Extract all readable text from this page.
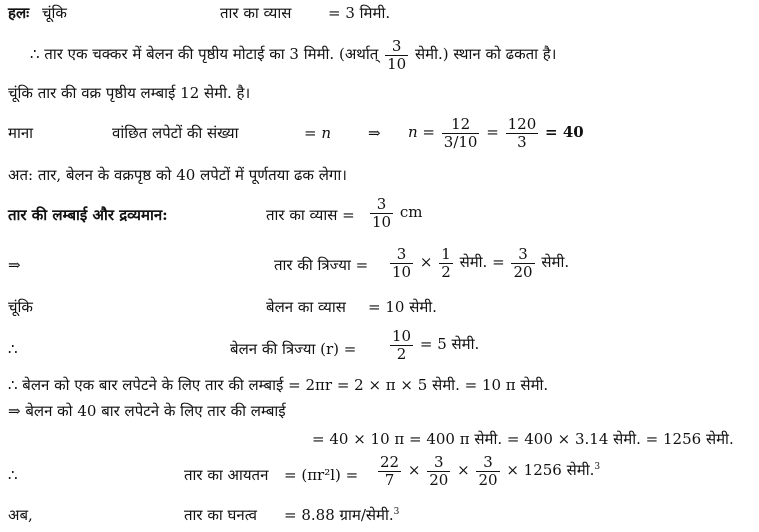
हलः चूंकि	तार का व्यास = 3 मिमी.
∴ तार एक चक्कर में बेलन की पृष्ठीय मोटाई का 3 मिमी. (अर्थात् $\frac{3}{10}$ सेमी.) स्थान को ढकता है।
चूंकि तार की वक्र पृष्ठीय लम्बाई 12 सेमी. है।
माना	वांछित लपेटों की संख्या	= n ⇒ $n = \frac{12}{3/10} = \frac{120}{3} = 40$
अत: तार, बेलन के वक्रपृष्ठ को 40 लपेटों में पूर्णतया ढक लेगा।
तार की लम्बाई और द्रव्यमान:	तार का व्यास = $\frac{3}{10}$ cm
⇒	तार की त्रिज्या = $\frac{3}{10} \times \frac{1}{2}$ सेमी. = $\frac{3}{20}$ सेमी.
चूंकि	बेलन का व्यास = 10 सेमी.
∴	बेलन की त्रिज्या $(r) = \frac{10}{2} = 5$ सेमी.
∴ बेलन को एक बार लपेटने के लिए तार की लम्बाई = 2πr = 2 × π × 5 सेमी. = 10 π सेमी.
⇒ बेलन को 40 बार लपेटने के लिए तार की लम्बाई
= 40 × 10 π = 400 π सेमी. = 400 × 3.14 सेमी. = 1256 सेमी.
∴	तार का आयतन = $(\pi r^2l) = \frac{22}{7} \times \frac{3}{20} \times \frac{3}{20} \times 1256$ सेमी.$^3$
अब,	तार का घनत्व = 8.88 ग्राम/सेमी.$^3$
